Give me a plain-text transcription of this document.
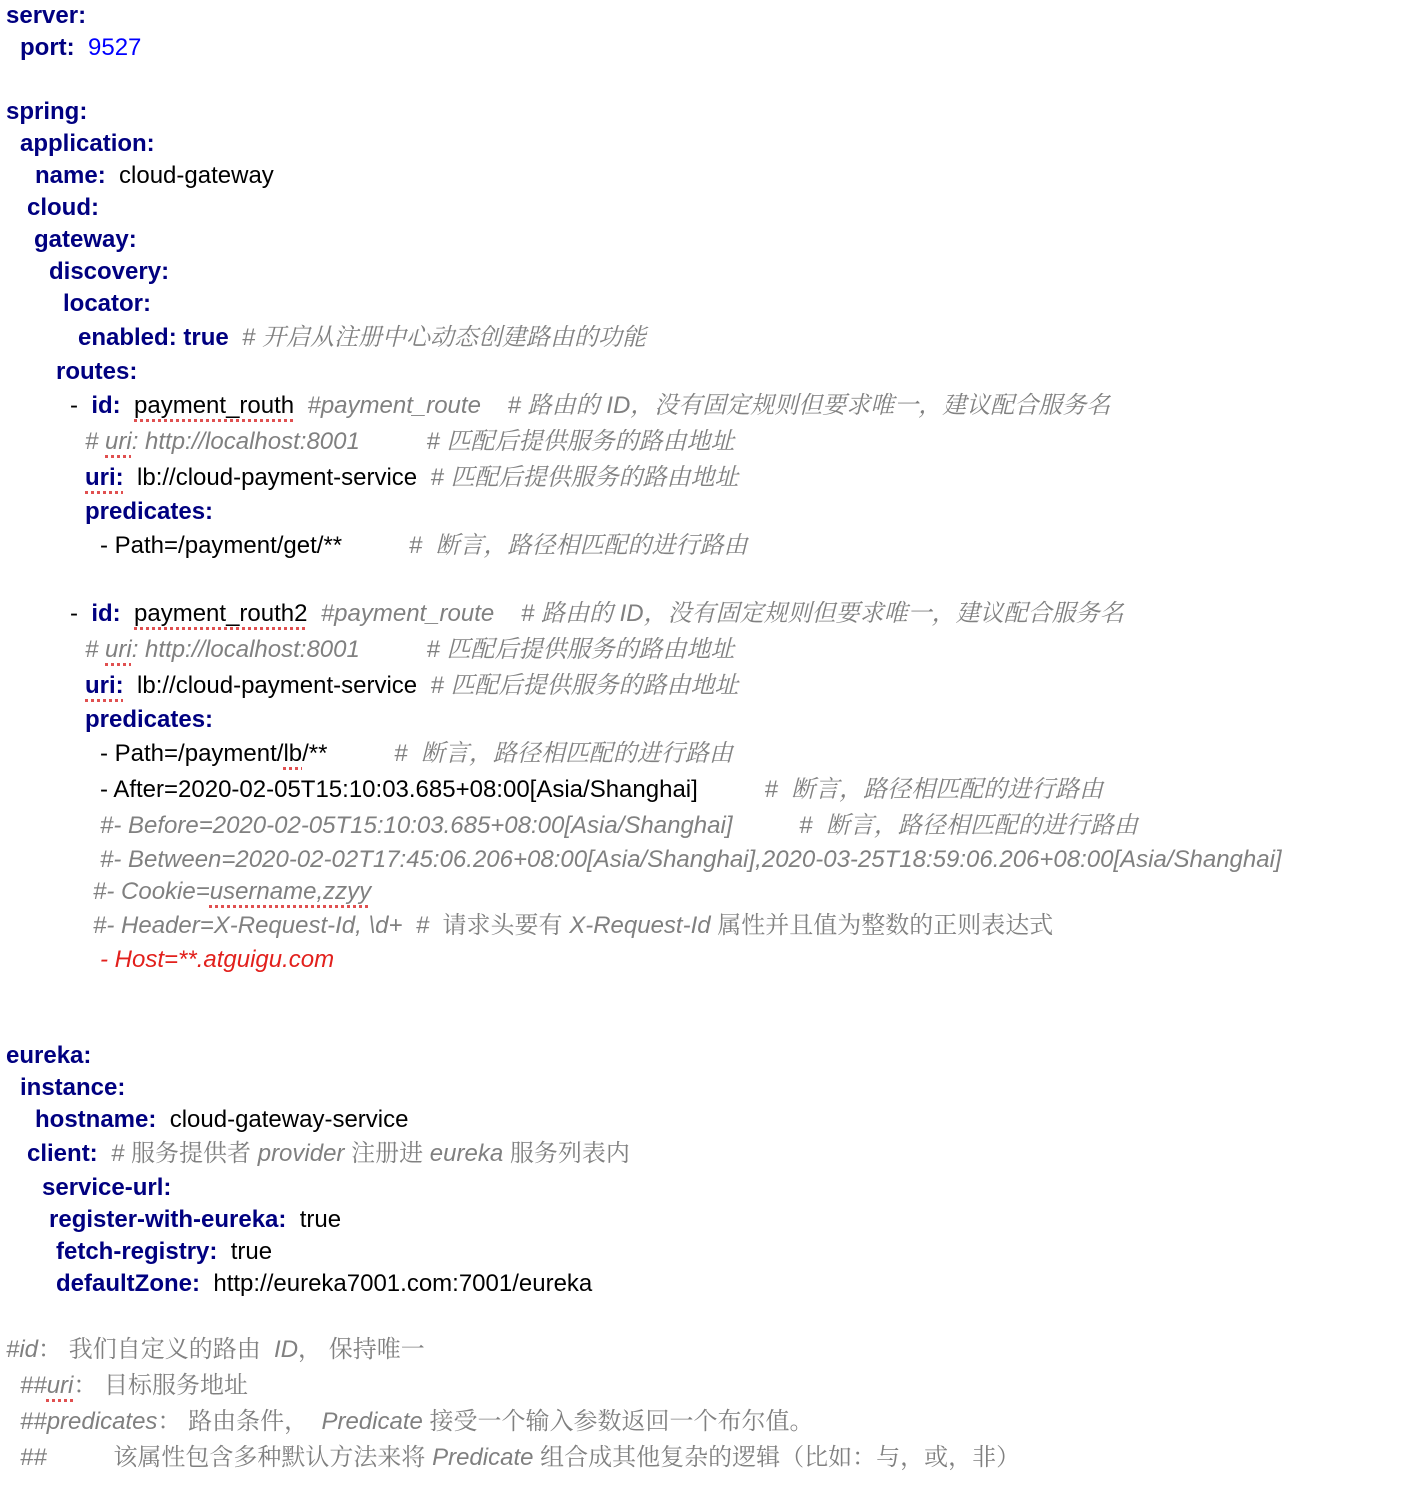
server:
port: 9527
spring:
application:
name: cloud-gateway
cloud:
gateway:
discovery:
locator:
enabled: true # 开启从注册中心动态创建路由的功能
routes:
-  id: payment_routh #payment_route # 路由的 ID，没有固定规则但要求唯一，建议配合服务名
# uri: http://localhost:8001	# 匹配后提供服务的路由地址
uri: lb://cloud-payment-service # 匹配后提供服务的路由地址
predicates:
- Path=/payment/get/**	#  断言，路径相匹配的进行路由
-  id: payment_routh2 #payment_route # 路由的 ID，没有固定规则但要求唯一，建议配合服务名
# uri: http://localhost:8001	# 匹配后提供服务的路由地址
uri: lb://cloud-payment-service # 匹配后提供服务的路由地址
predicates:
- Path=/payment/lb/**	#  断言，路径相匹配的进行路由
- After=2020-02-05T15:10:03.685+08:00[Asia/Shanghai]	#  断言，路径相匹配的进行路由
#- Before=2020-02-05T15:10:03.685+08:00[Asia/Shanghai]	#  断言，路径相匹配的进行路由
#- Between=2020-02-02T17:45:06.206+08:00[Asia/Shanghai],2020-03-25T18:59:06.206+08:00[Asia/Shanghai]
#- Cookie=username,zzyy
#- Header=X-Request-Id, \d+  #  请求头要有 X-Request-Id 属性并且值为整数的正则表达式
- Host=**.atguigu.com
eureka:
instance:
hostname: cloud-gateway-service
client: # 服务提供者 provider 注册进 eureka 服务列表内
service-url:
register-with-eureka: true
fetch-registry: true
defaultZone: http://eureka7001.com:7001/eureka
#id： 我们自定义的路由  ID， 保持唯一
##uri： 目标服务地址
##predicates： 路由条件，  Predicate 接受一个输入参数返回一个布尔值。
##	该属性包含多种默认方法来将 Predicate 组合成其他复杂的逻辑（比如：与，或，非）
